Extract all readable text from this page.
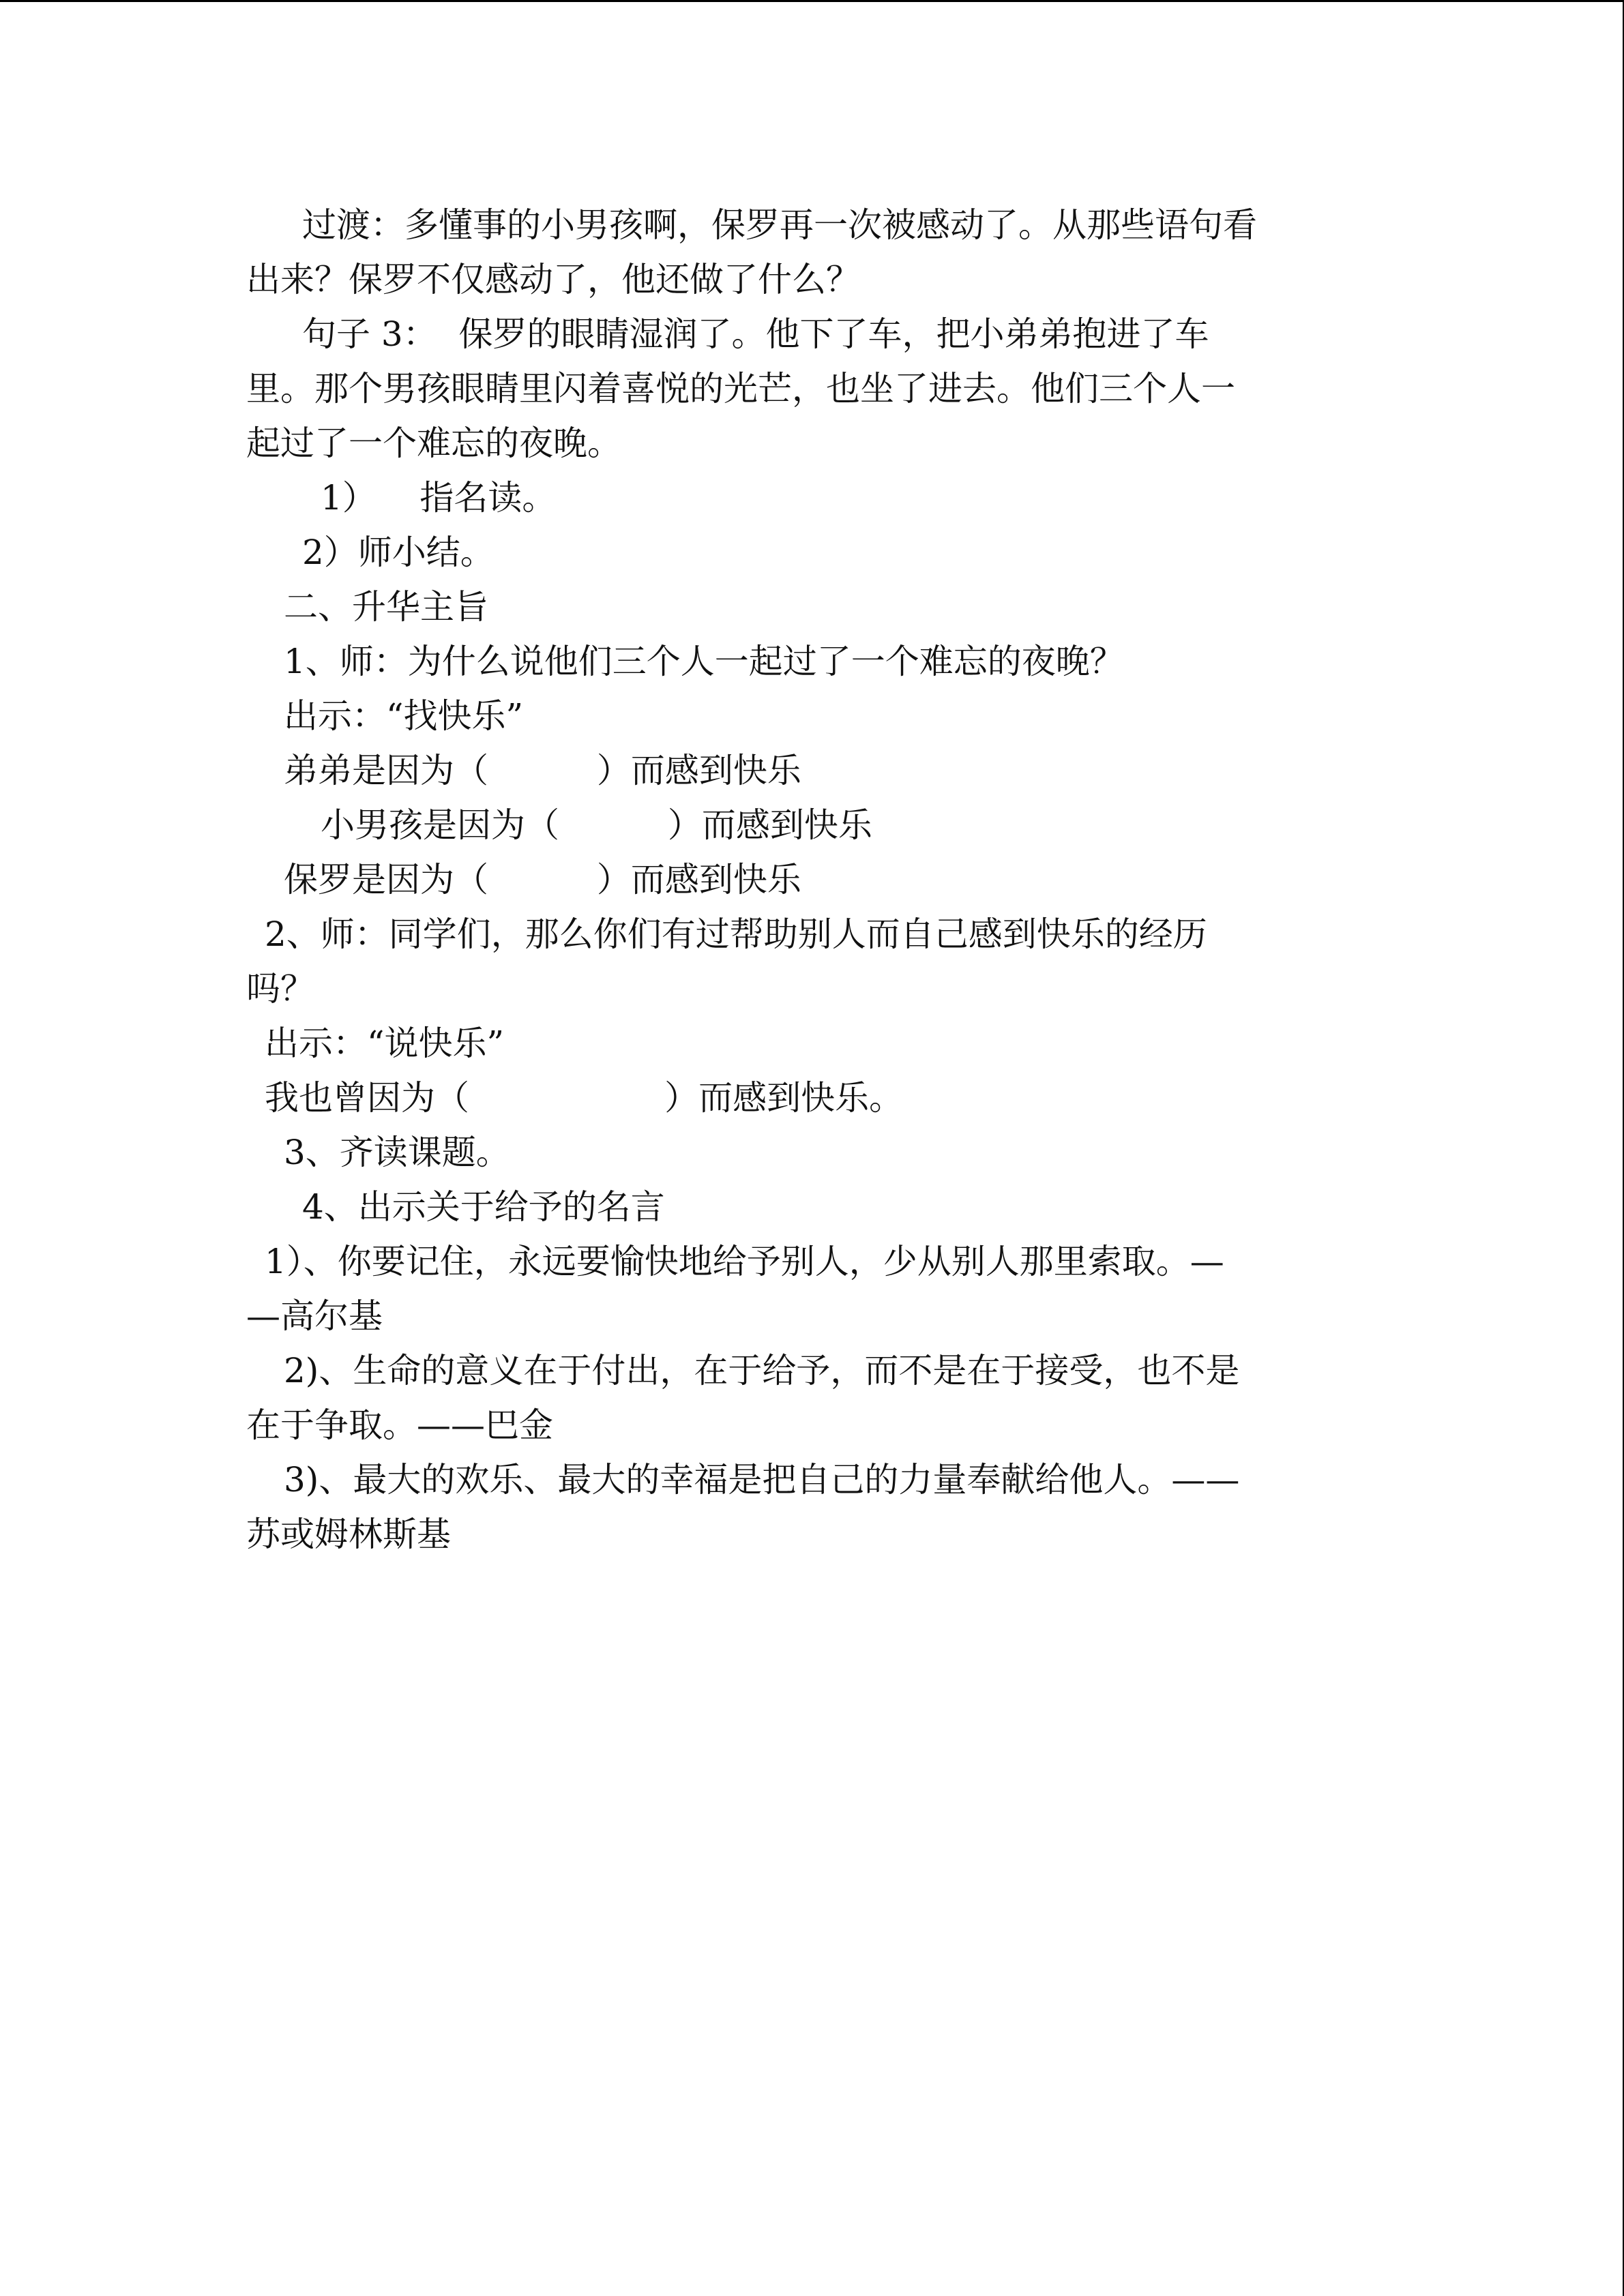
过渡：多懂事的小男孩啊，保罗再一次被感动了。从那些语句看

出来？保罗不仅感动了，他还做了什么？

句子 3：  保罗的眼睛湿润了。他下了车，把小弟弟抱进了车

里。那个男孩眼睛里闪着喜悦的光芒，也坐了进去。他们三个人一

起过了一个难忘的夜晚。

1）    指名读。

2）师小结。

二、升华主旨

1、师：为什么说他们三个人一起过了一个难忘的夜晚？

出示：“找快乐”

弟弟是因为（          ）而感到快乐

小男孩是因为（          ）而感到快乐

保罗是因为（          ）而感到快乐

2、师：同学们，那么你们有过帮助别人而自己感到快乐的经历

吗？

出示：“说快乐”

我也曾因为（                  ）而感到快乐。

3、齐读课题。

4、出示关于给予的名言

1）、你要记住，永远要愉快地给予别人，少从别人那里索取。—

—高尔基

2)、生命的意义在于付出，在于给予，而不是在于接受，也不是

在于争取。——巴金

3)、最大的欢乐、最大的幸福是把自己的力量奉献给他人。——

苏或姆林斯基
